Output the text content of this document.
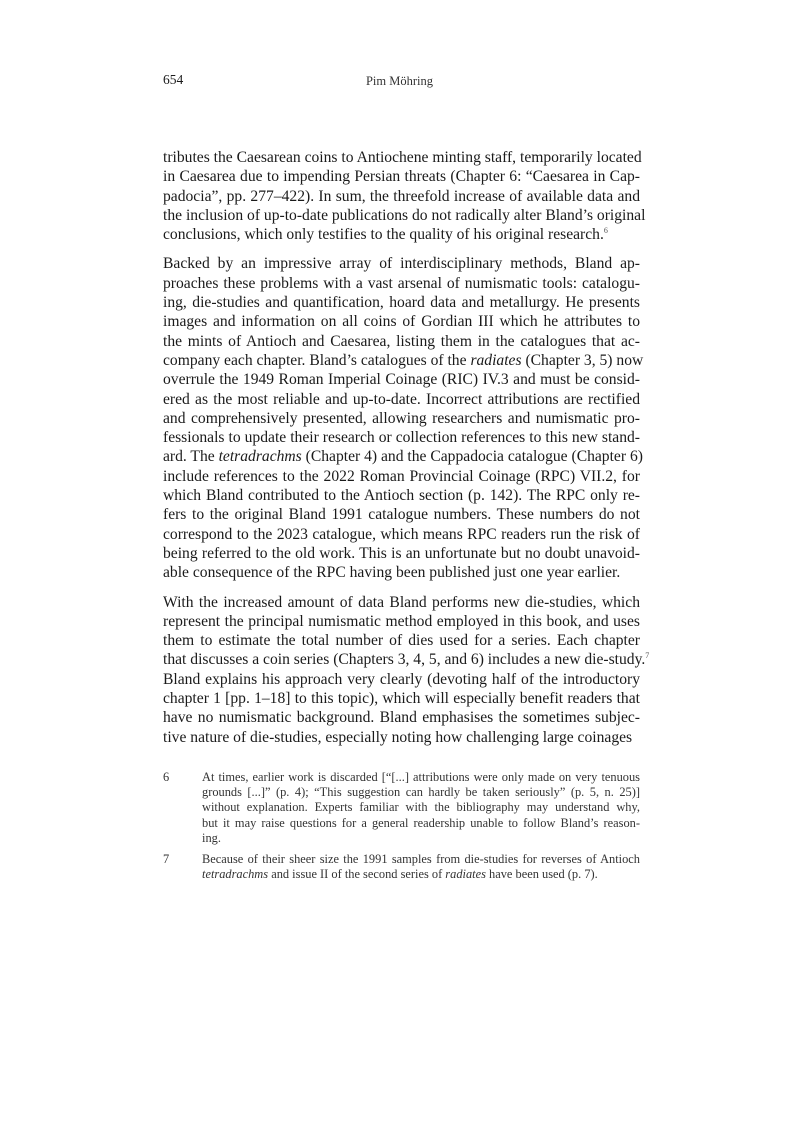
654	Pim Möhring
tributes the Caesarean coins to Antiochene minting staff, temporarily located
in Caesarea due to impending Persian threats (Chapter 6: “Caesarea in Cap-
padocia”, pp. 277–422). In sum, the threefold increase of available data and
the inclusion of up-to-date publications do not radically alter Bland’s original
conclusions, which only testifies to the quality of his original research.$^6$
Backed by an impressive array of interdisciplinary methods, Bland ap-
proaches these problems with a vast arsenal of numismatic tools: catalogu-
ing, die-studies and quantification, hoard data and metallurgy. He presents
images and information on all coins of Gordian III which he attributes to
the mints of Antioch and Caesarea, listing them in the catalogues that ac-
company each chapter. Bland’s catalogues of the radiates (Chapter 3, 5) now
overrule the 1949 Roman Imperial Coinage (RIC) IV.3 and must be consid-
ered as the most reliable and up-to-date. Incorrect attributions are rectified
and comprehensively presented, allowing researchers and numismatic pro-
fessionals to update their research or collection references to this new stand-
ard. The tetradrachms (Chapter 4) and the Cappadocia catalogue (Chapter 6)
include references to the 2022 Roman Provincial Coinage (RPC) VII.2, for
which Bland contributed to the Antioch section (p. 142). The RPC only re-
fers to the original Bland 1991 catalogue numbers. These numbers do not
correspond to the 2023 catalogue, which means RPC readers run the risk of
being referred to the old work. This is an unfortunate but no doubt unavoid-
able consequence of the RPC having been published just one year earlier.
With the increased amount of data Bland performs new die-studies, which
represent the principal numismatic method employed in this book, and uses
them to estimate the total number of dies used for a series. Each chapter
that discusses a coin series (Chapters 3, 4, 5, and 6) includes a new die-study.$^7$
Bland explains his approach very clearly (devoting half of the introductory
chapter 1 [pp. 1–18] to this topic), which will especially benefit readers that
have no numismatic background. Bland emphasises the sometimes subjec-
tive nature of die-studies, especially noting how challenging large coinages
6	At times, earlier work is discarded [“[...] attributions were only made on very tenuous
grounds [...]” (p. 4); “This suggestion can hardly be taken seriously” (p. 5, n. 25)]
without explanation. Experts familiar with the bibliography may understand why,
but it may raise questions for a general readership unable to follow Bland’s reason-
ing.
7	Because of their sheer size the 1991 samples from die-studies for reverses of Antioch
tetradrachms and issue II of the second series of radiates have been used (p. 7).
